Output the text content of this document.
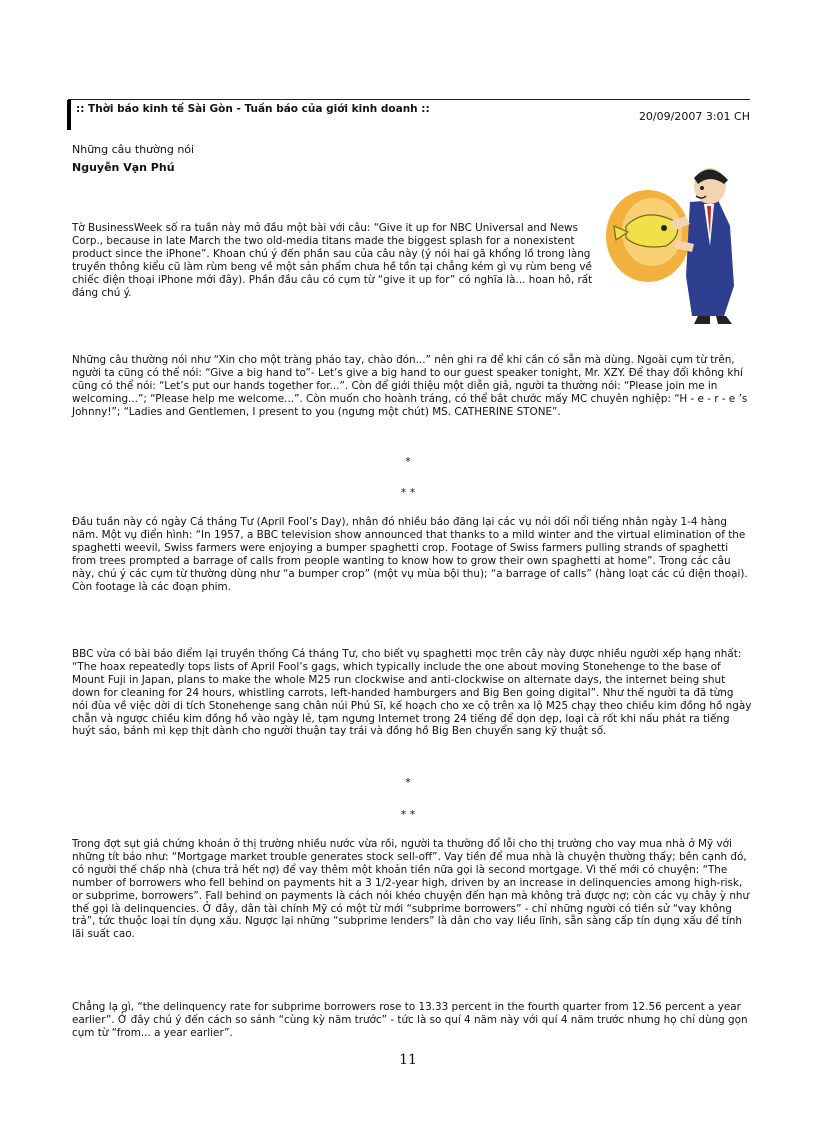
:: Thời báo kinh tế Sài Gòn - Tuần báo của giới kinh doanh ::
20/09/2007 3:01 CH
Những câu thường nói
Nguyễn Vạn Phú

Tờ BusinessWeek số ra tuần này mở đầu một bài với câu: “Give it up for NBC Universal and News Corp., because in late March the two old-media titans made the biggest splash for a nonexistent product since the iPhone”. Khoan chú ý đến phần sau của câu này (ý nói hai gã khổng lồ trong làng truyền thông kiểu cũ làm rùm beng về một sản phẩm chưa hề tồn tại chẳng kém gì vụ rùm beng về chiếc điện thoại iPhone mới đây). Phần đầu câu có cụm từ “give it up for” có nghĩa là... hoan hô, rất đáng chú ý.

Những câu thường nói như “Xin cho một tràng pháo tay, chào đón...” nên ghi ra để khi cần có sẵn mà dùng. Ngoài cụm từ trên, người ta cũng có thể nói: “Give a big hand to”- Let’s give a big hand to our guest speaker tonight, Mr. XZY. Để thay đổi không khí cũng có thể nói: “Let’s put our hands together for...”. Còn để giới thiệu một diễn giả, người ta thường nói: “Please join me in welcoming...”; “Please help me welcome...”. Còn muốn cho hoành tráng, có thể bắt chước mấy MC chuyên nghiệp: “H - e - r - e ’s Johnny!”; “Ladies and Gentlemen, I present to you (ngưng một chút) MS. CATHERINE STONE”.

*
* *

Đầu tuần này có ngày Cá tháng Tư (April Fool’s Day), nhân đó nhiều báo đăng lại các vụ nói dối nổi tiếng nhân ngày 1-4 hàng năm. Một vụ điển hình: “In 1957, a BBC television show announced that thanks to a mild winter and the virtual elimination of the spaghetti weevil, Swiss farmers were enjoying a bumper spaghetti crop. Footage of Swiss farmers pulling strands of spaghetti from trees prompted a barrage of calls from people wanting to know how to grow their own spaghetti at home”. Trong các câu này, chú ý các cụm từ thường dùng như “a bumper crop” (một vụ mùa bội thu); “a barrage of calls” (hàng loạt các cú điện thoại). Còn footage là các đoạn phim.

BBC vừa có bài báo điểm lại truyền thống Cá tháng Tư, cho biết vụ spaghetti mọc trên cây này được nhiều người xếp hạng nhất: “The hoax repeatedly tops lists of April Fool’s gags, which typically include the one about moving Stonehenge to the base of Mount Fuji in Japan, plans to make the whole M25 run clockwise and anti-clockwise on alternate days, the internet being shut down for cleaning for 24 hours, whistling carrots, left-handed hamburgers and Big Ben going digital”. Như thế người ta đã từng nói đùa về việc dời di tích Stonehenge sang chân núi Phú Sĩ, kế hoạch cho xe cộ trên xa lộ M25 chạy theo chiều kim đồng hồ ngày chẵn và ngược chiều kim đồng hồ vào ngày lẻ, tạm ngưng Internet trong 24 tiếng để dọn dẹp, loại cà rốt khi nấu phát ra tiếng huýt sáo, bánh mì kẹp thịt dành cho người thuận tay trái và đồng hồ Big Ben chuyển sang kỹ thuật số.

*
* *

Trong đợt sụt giá chứng khoán ở thị trường nhiều nước vừa rồi, người ta thường đổ lỗi cho thị trường cho vay mua nhà ở Mỹ với những tít báo như: “Mortgage market trouble generates stock sell-off”. Vay tiền để mua nhà là chuyện thường thấy; bên cạnh đó, có người thế chấp nhà (chưa trả hết nợ) để vay thêm một khoản tiền nữa gọi là second mortgage. Vì thế mới có chuyện: “The number of borrowers who fell behind on payments hit a 3 1/2-year high, driven by an increase in delinquencies among high-risk, or subprime, borrowers”. Fall behind on payments là cách nói khéo chuyện đến hạn mà không trả được nợ; còn các vụ chây ỳ như thế gọi là delinquencies. Ở đây, dân tài chính Mỹ có một từ mới “subprime borrowers” - chỉ những người có tiền sử “vay không trả”, tức thuộc loại tín dụng xấu. Ngược lại những “subprime lenders” là dân cho vay liều lĩnh, sẵn sàng cấp tín dụng xấu để tính lãi suất cao.

Chẳng lạ gì, “the delinquency rate for subprime borrowers rose to 13.33 percent in the fourth quarter from 12.56 percent a year earlier”. Ở đây chú ý đến cách so sánh “cùng kỳ năm trước” - tức là so quí 4 năm này với quí 4 năm trước nhưng họ chỉ dùng gọn cụm từ “from... a year earlier”.

11
